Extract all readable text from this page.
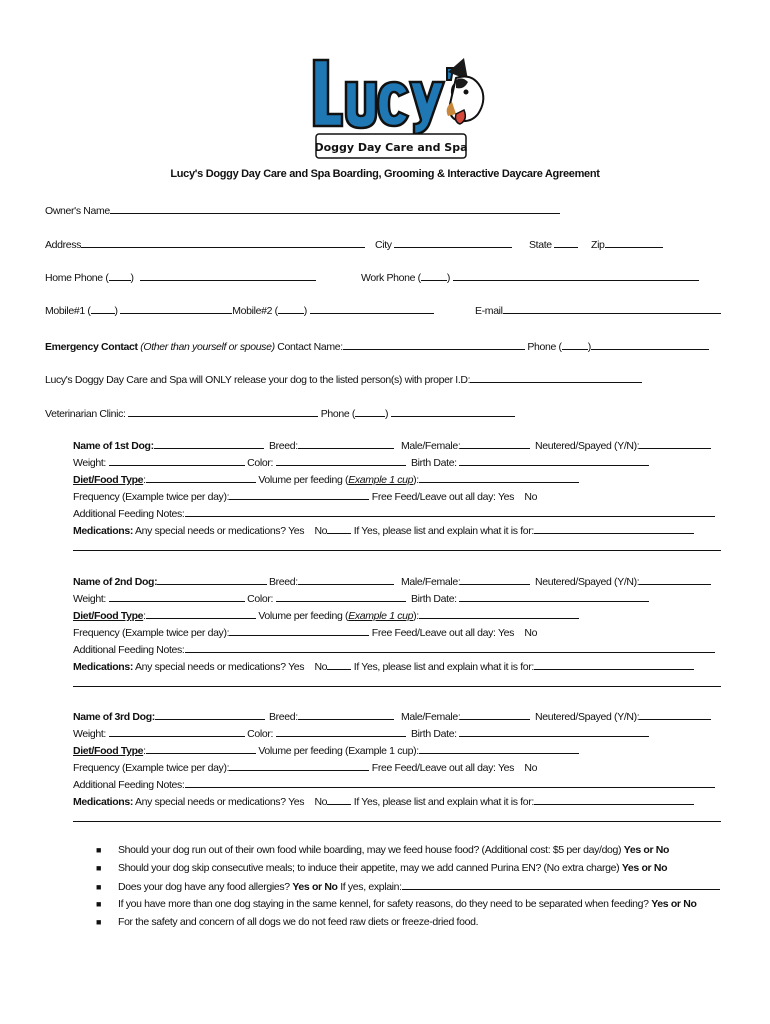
Doggy Day Care and Spa
Lucy's Doggy Day Care and Spa Boarding, Grooming & Interactive Daycare Agreement
Owner's Name
Address	City	State	Zip
Home Phone ( )	Work Phone ( )
Mobile#1 ( )	Mobile#2 ( )	E-mail
Emergency Contact (Other than yourself or spouse) Contact Name:	Phone ( )
Lucy's Doggy Day Care and Spa will ONLY release your dog to the listed person(s) with proper I.D:
Veterinarian Clinic:	Phone (	)
Name of 1st Dog:	Breed:	Male/Female:	Neutered/Spayed (Y/N):
Weight:	Color:	Birth Date:
Diet/Food Type:	Volume per feeding (Example 1 cup):
Frequency (Example twice per day):	Free Feed/Leave out all day: Yes No
Additional Feeding Notes:
Medications: Any special needs or medications? Yes No	If Yes, please list and explain what it is for:
Name of 2nd Dog:	Breed:	Male/Female:	Neutered/Spayed (Y/N):
Weight:	Color:	Birth Date:
Diet/Food Type:	Volume per feeding (Example 1 cup):
Frequency (Example twice per day):	Free Feed/Leave out all day: Yes No
Additional Feeding Notes:
Medications: Any special needs or medications? Yes No	If Yes, please list and explain what it is for:
Name of 3rd Dog:	Breed:	Male/Female:	Neutered/Spayed (Y/N):
Weight:	Color:	Birth Date:
Diet/Food Type:	Volume per feeding (Example 1 cup):
Frequency (Example twice per day):	Free Feed/Leave out all day: Yes No
Additional Feeding Notes:
Medications: Any special needs or medications? Yes No	If Yes, please list and explain what it is for:
■ Should your dog run out of their own food while boarding, may we feed house food? (Additional cost: $5 per day/dog) Yes or No
■ Should your dog skip consecutive meals; to induce their appetite, may we add canned Purina EN? (No extra charge) Yes or No
■ Does your dog have any food allergies? Yes or No If yes, explain:
■ If you have more than one dog staying in the same kennel, for safety reasons, do they need to be separated when feeding? Yes or No
■ For the safety and concern of all dogs we do not feed raw diets or freeze-dried food.
